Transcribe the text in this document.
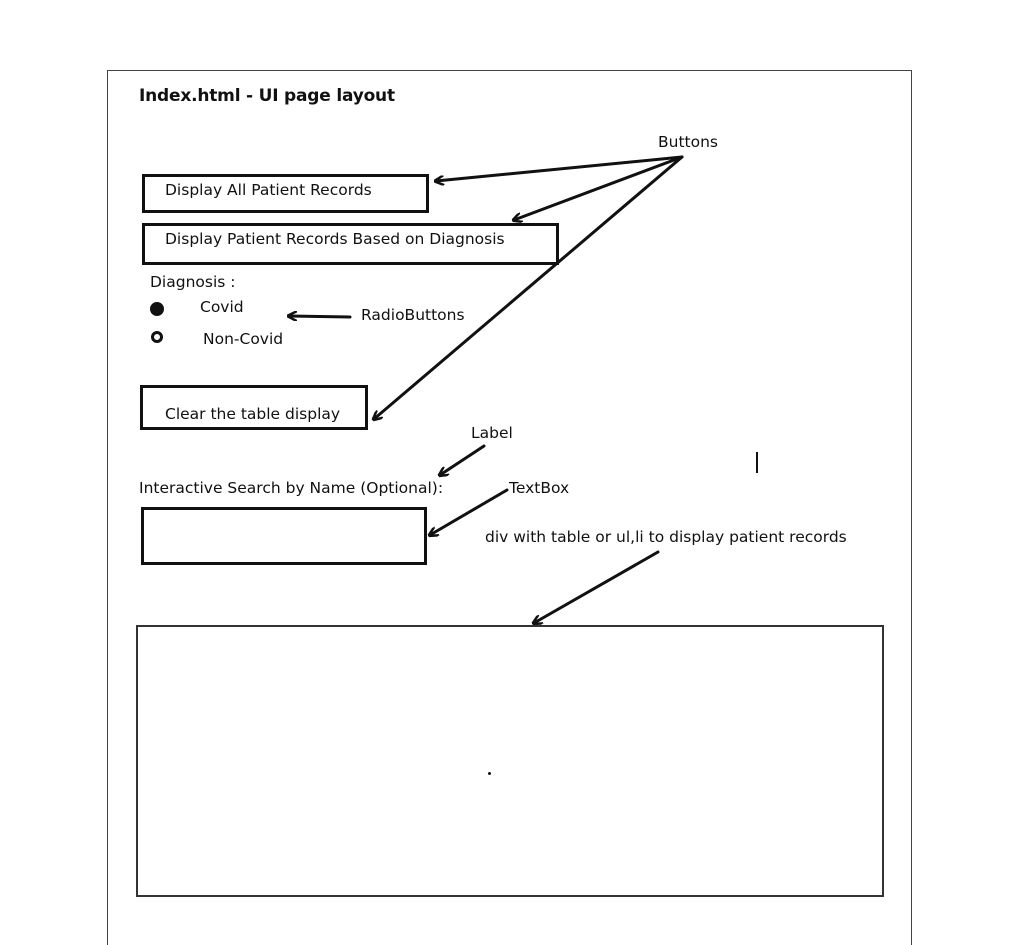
Index.html - UI page layout
Display All Patient Records
Display Patient Records Based on Diagnosis
Diagnosis :
Covid
Non-Covid
Clear the table display
Interactive Search by Name (Optional):
Buttons
RadioButtons
Label
TextBox
div with table or ul,li to display patient records
